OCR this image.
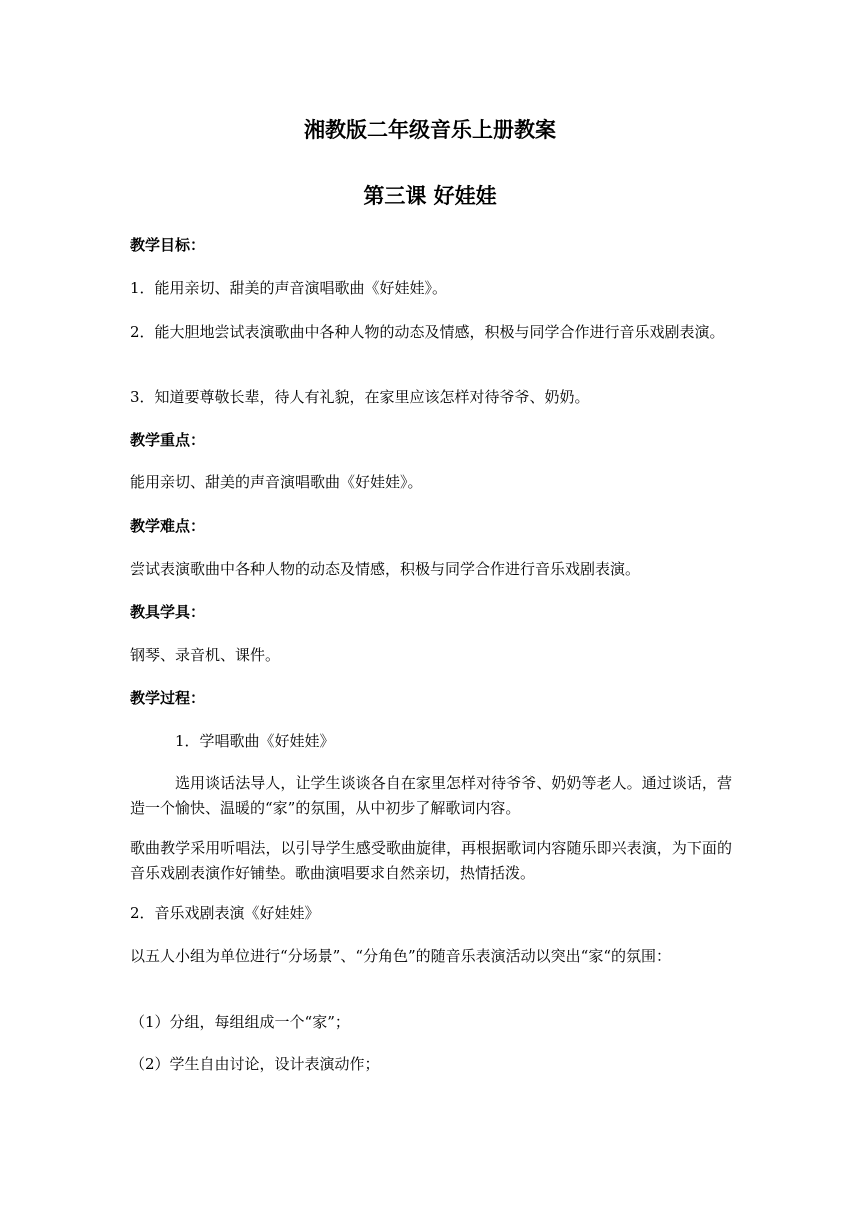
湘教版二年级音乐上册教案
第三课 好娃娃

教学目标：

1．能用亲切、甜美的声音演唱歌曲《好娃娃》。

2．能大胆地尝试表演歌曲中各种人物的动态及情感，积极与同学合作进行音乐戏剧表演。

3．知道要尊敬长辈，待人有礼貌，在家里应该怎样对待爷爷、奶奶。

教学重点：

能用亲切、甜美的声音演唱歌曲《好娃娃》。

教学难点：

尝试表演歌曲中各种人物的动态及情感，积极与同学合作进行音乐戏剧表演。

教具学具：

钢琴、录音机、课件。

教学过程：

1．学唱歌曲《好娃娃》

选用谈话法导人，让学生谈谈各自在家里怎样对待爷爷、奶奶等老人。通过谈话，营造一个愉快、温暖的“家”的氛围，从中初步了解歌词内容。

歌曲教学采用听唱法，以引导学生感受歌曲旋律，再根据歌词内容随乐即兴表演，为下面的音乐戏剧表演作好铺垫。歌曲演唱要求自然亲切，热情括泼。

2．音乐戏剧表演《好娃娃》

以五人小组为单位进行“分场景”、“分角色”的随音乐表演活动以突出“家“的氛围：

（1）分组，每组组成一个“家”；

（2）学生自由讨论，设计表演动作；
